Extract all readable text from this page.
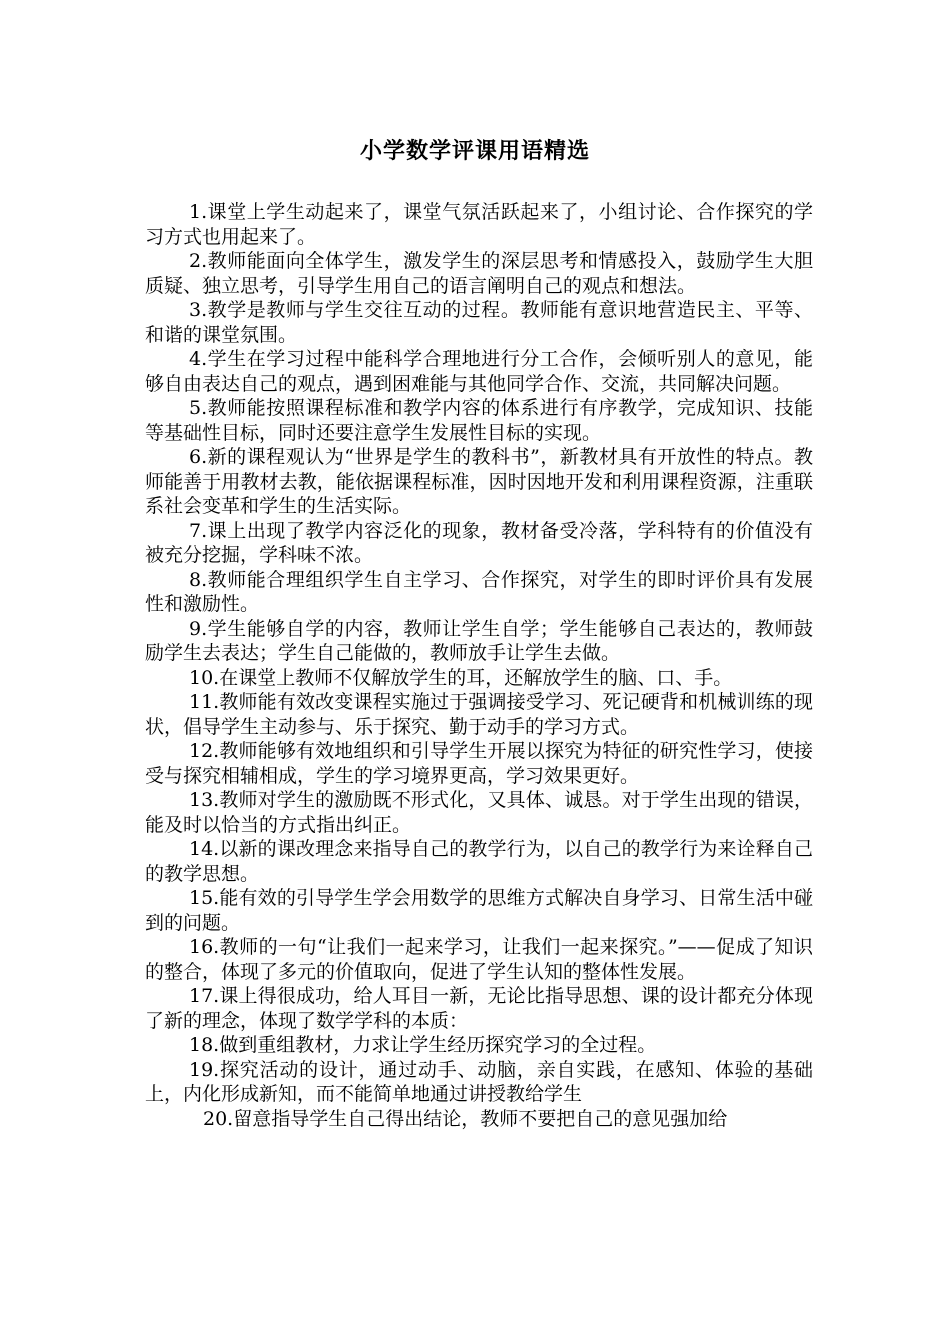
小学数学评课用语精选

1.课堂上学生动起来了，课堂气氛活跃起来了，小组讨论、合作探究的学习方式也用起来了。

2.教师能面向全体学生，激发学生的深层思考和情感投入，鼓励学生大胆质疑、独立思考，引导学生用自己的语言阐明自己的观点和想法。

3.教学是教师与学生交往互动的过程。教师能有意识地营造民主、平等、和谐的课堂氛围。

4.学生在学习过程中能科学合理地进行分工合作，会倾听别人的意见，能够自由表达自己的观点，遇到困难能与其他同学合作、交流，共同解决问题。

5.教师能按照课程标准和教学内容的体系进行有序教学，完成知识、技能等基础性目标，同时还要注意学生发展性目标的实现。

6.新的课程观认为“世界是学生的教科书”，新教材具有开放性的特点。教师能善于用教材去教，能依据课程标准，因时因地开发和利用课程资源，注重联系社会变革和学生的生活实际。

7.课上出现了教学内容泛化的现象，教材备受冷落，学科特有的价值没有被充分挖掘，学科味不浓。

8.教师能合理组织学生自主学习、合作探究，对学生的即时评价具有发展性和激励性。

9.学生能够自学的内容，教师让学生自学；学生能够自己表达的，教师鼓励学生去表达；学生自己能做的，教师放手让学生去做。

10.在课堂上教师不仅解放学生的耳，还解放学生的脑、口、手。

11.教师能有效改变课程实施过于强调接受学习、死记硬背和机械训练的现状，倡导学生主动参与、乐于探究、勤于动手的学习方式。

12.教师能够有效地组织和引导学生开展以探究为特征的研究性学习，使接受与探究相辅相成，学生的学习境界更高，学习效果更好。

13.教师对学生的激励既不形式化，又具体、诚恳。对于学生出现的错误，能及时以恰当的方式指出纠正。

14.以新的课改理念来指导自己的教学行为，以自己的教学行为来诠释自己的教学思想。

15.能有效的引导学生学会用数学的思维方式解决自身学习、日常生活中碰到的问题。

16.教师的一句“让我们一起来学习，让我们一起来探究。”——促成了知识的整合，体现了多元的价值取向，促进了学生认知的整体性发展。

17.课上得很成功，给人耳目一新，无论比指导思想、课的设计都充分体现了新的理念，体现了数学学科的本质：

18.做到重组教材，力求让学生经历探究学习的全过程。

19.探究活动的设计，通过动手、动脑，亲自实践，在感知、体验的基础上，内化形成新知，而不能简单地通过讲授教给学生

20.留意指导学生自己得出结论，教师不要把自己的意见强加给
